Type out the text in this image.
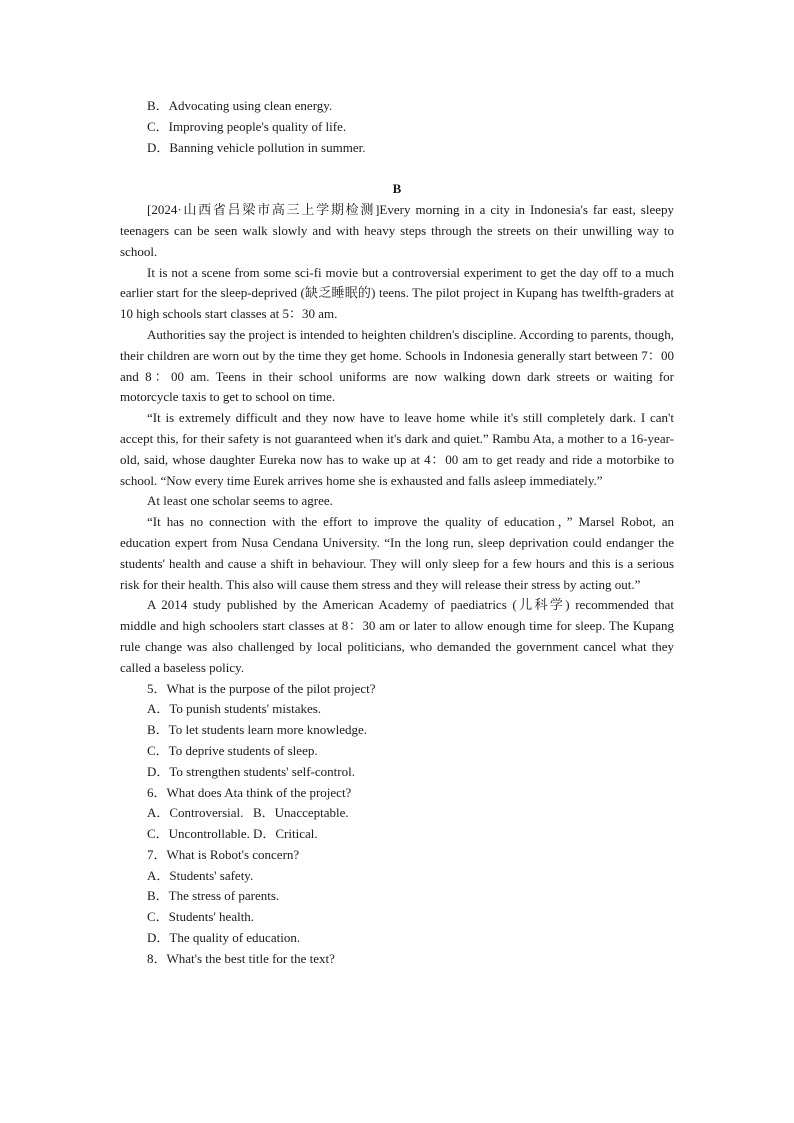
B．Advocating using clean energy.
C．Improving people's quality of life.
D．Banning vehicle pollution in summer.
B

[2024·山西省吕梁市高三上学期检测]Every morning in a city in Indonesia's far east, sleepy teenagers can be seen walk slowly and with heavy steps through the streets on their unwilling way to school.

It is not a scene from some sci-fi movie but a controversial experiment to get the day off to a much earlier start for the sleep-deprived (缺乏睡眠的) teens. The pilot project in Kupang has twelfth-graders at 10 high schools start classes at 5：30 am.

Authorities say the project is intended to heighten children's discipline. According to parents, though, their children are worn out by the time they get home. Schools in Indonesia generally start between 7：00 and 8：00 am. Teens in their school uniforms are now walking down dark streets or waiting for motorcycle taxis to get to school on time.

“It is extremely difficult and they now have to leave home while it's still completely dark. I can't accept this, for their safety is not guaranteed when it's dark and quiet.” Rambu Ata, a mother to a 16-year-old, said, whose daughter Eureka now has to wake up at 4：00 am to get ready and ride a motorbike to school. “Now every time Eurek arrives home she is exhausted and falls asleep immediately.”

At least one scholar seems to agree.

“It has no connection with the effort to improve the quality of education，” Marsel Robot, an education expert from Nusa Cendana University. “In the long run, sleep deprivation could endanger the students' health and cause a shift in behaviour. They will only sleep for a few hours and this is a serious risk for their health. This also will cause them stress and they will release their stress by acting out.”

A 2014 study published by the American Academy of paediatrics (儿科学) recommended that middle and high schoolers start classes at 8：30 am or later to allow enough time for sleep. The Kupang rule change was also challenged by local politicians, who demanded the government cancel what they called a baseless policy.

5．What is the purpose of the pilot project?
A．To punish students' mistakes.
B．To let students learn more knowledge.
C．To deprive students of sleep.
D．To strengthen students' self-control.
6．What does Ata think of the project?
A．Controversial. B．Unacceptable.
C．Uncontrollable. D．Critical.
7．What is Robot's concern?
A．Students' safety.
B．The stress of parents.
C．Students' health.
D．The quality of education.
8．What's the best title for the text?
